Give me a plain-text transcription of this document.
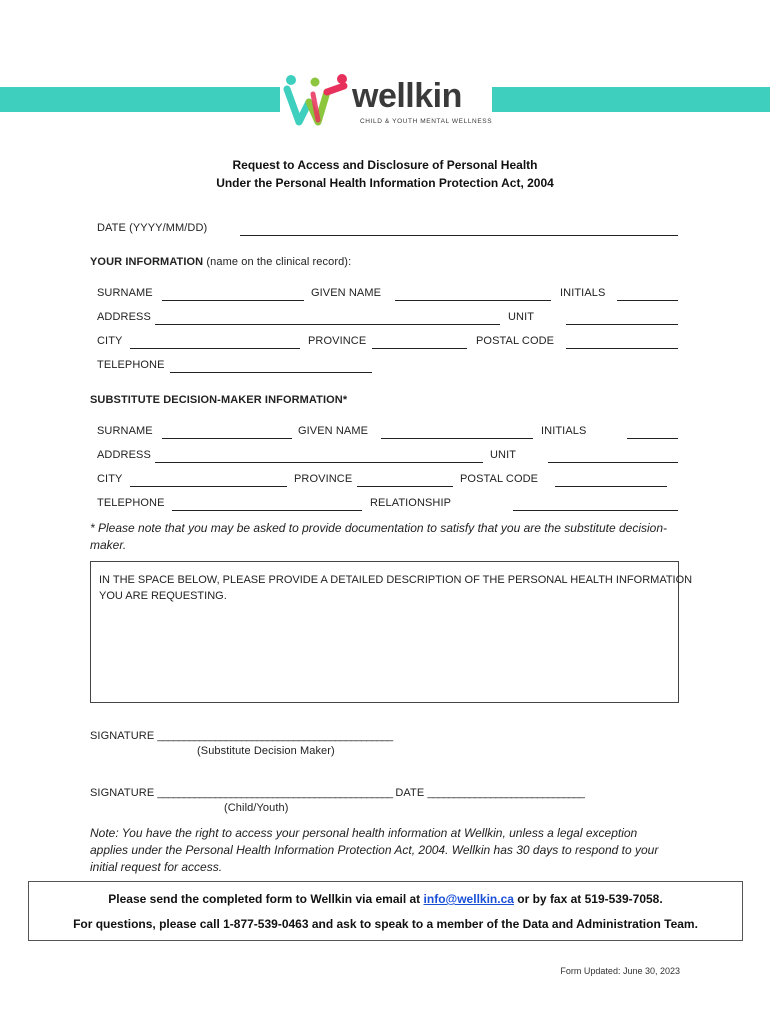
wellkin
CHILD & YOUTH MENTAL WELLNESS
Request to Access and Disclosure of Personal Health
Under the Personal Health Information Protection Act, 2004
DATE (YYYY/MM/DD)
YOUR INFORMATION (name on the clinical record):
SURNAME	GIVEN NAME	INITIALS
ADDRESS	UNIT
CITY	PROVINCE	POSTAL CODE
TELEPHONE
SUBSTITUTE DECISION-MAKER INFORMATION*
SURNAME	GIVEN NAME	INITIALS
ADDRESS	UNIT
CITY	PROVINCE	POSTAL CODE
TELEPHONE	RELATIONSHIP
* Please note that you may be asked to provide documentation to satisfy that you are the substitute decision-
maker.
IN THE SPACE BELOW, PLEASE PROVIDE A DETAILED DESCRIPTION OF THE PERSONAL HEALTH INFORMATION
YOU ARE REQUESTING.
SIGNATURE _____________________________________________
(Substitute Decision Maker)
SIGNATURE _____________________________________________ DATE ______________________________
(Child/Youth)
Note: You have the right to access your personal health information at Wellkin, unless a legal exception
applies under the Personal Health Information Protection Act, 2004. Wellkin has 30 days to respond to your
initial request for access.
Please send the completed form to Wellkin via email at info@wellkin.ca or by fax at 519-539-7058.
For questions, please call 1-877-539-0463 and ask to speak to a member of the Data and Administration Team.
Form Updated: June 30, 2023
